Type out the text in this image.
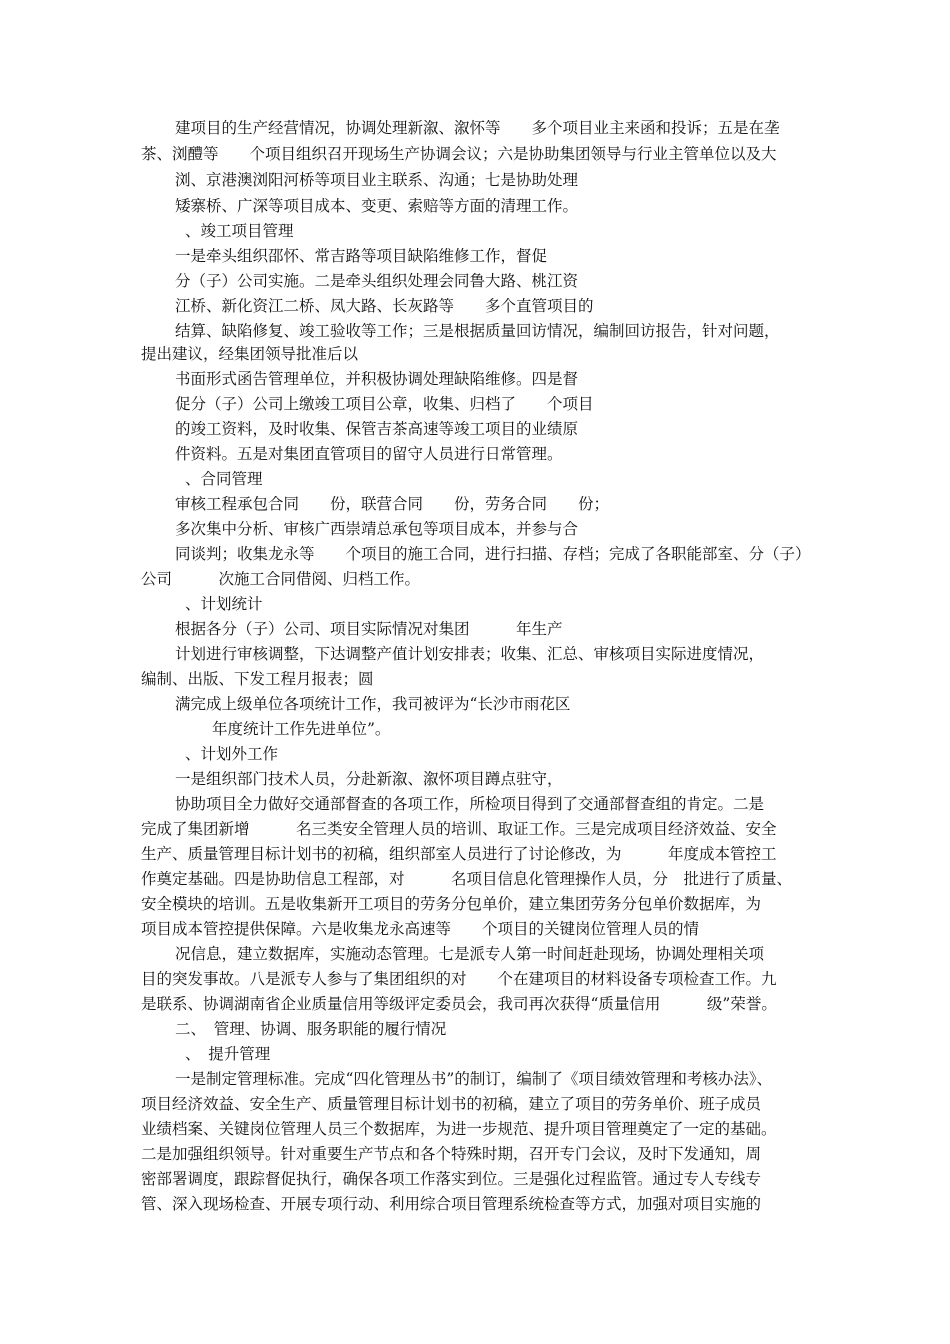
建项目的生产经营情况，协调处理新溆、溆怀等　　多个项目业主来函和投诉；五是在垄
茶、浏醴等　　个项目组织召开现场生产协调会议；六是协助集团领导与行业主管单位以及大
浏、京港澳浏阳河桥等项目业主联系、沟通；七是协助处理
矮寨桥、广深等项目成本、变更、索赔等方面的清理工作。
、竣工项目管理
一是牵头组织邵怀、常吉路等项目缺陷维修工作，督促
分（子）公司实施。二是牵头组织处理会同鲁大路、桃江资
江桥、新化资江二桥、凤大路、长灰路等　　多个直管项目的
结算、缺陷修复、竣工验收等工作；三是根据质量回访情况，编制回访报告，针对问题，
提出建议，经集团领导批准后以
书面形式函告管理单位，并积极协调处理缺陷维修。四是督
促分（子）公司上缴竣工项目公章，收集、归档了　　个项目
的竣工资料，及时收集、保管吉茶高速等竣工项目的业绩原
件资料。五是对集团直管项目的留守人员进行日常管理。
、合同管理
审核工程承包合同　　份，联营合同　　份，劳务合同　　份；
多次集中分析、审核广西崇靖总承包等项目成本，并参与合
同谈判；收集龙永等　　个项目的施工合同，进行扫描、存档；完成了各职能部室、分（子）
公司　　　次施工合同借阅、归档工作。
、计划统计
根据各分（子）公司、项目实际情况对集团　　　年生产
计划进行审核调整，下达调整产值计划安排表；收集、汇总、审核项目实际进度情况，
编制、出版、下发工程月报表；圆
满完成上级单位各项统计工作，我司被评为“长沙市雨花区
年度统计工作先进单位”。
、计划外工作
一是组织部门技术人员，分赴新溆、溆怀项目蹲点驻守，
协助项目全力做好交通部督查的各项工作，所检项目得到了交通部督查组的肯定。二是
完成了集团新增　　　名三类安全管理人员的培训、取证工作。三是完成项目经济效益、安全
生产、质量管理目标计划书的初稿，组织部室人员进行了讨论修改，为　　　年度成本管控工
作奠定基础。四是协助信息工程部，对　　　名项目信息化管理操作人员，分　批进行了质量、
安全模块的培训。五是收集新开工项目的劳务分包单价，建立集团劳务分包单价数据库，为
项目成本管控提供保障。六是收集龙永高速等　　个项目的关键岗位管理人员的情
况信息，建立数据库，实施动态管理。七是派专人第一时间赶赴现场，协调处理相关项
目的突发事故。八是派专人参与了集团组织的对　　个在建项目的材料设备专项检查工作。九
是联系、协调湖南省企业质量信用等级评定委员会，我司再次获得“质量信用　　　级”荣誉。
二、　管理、协调、服务职能的履行情况
、　提升管理
一是制定管理标准。完成“四化管理丛书”的制订，编制了《项目绩效管理和考核办法》、
项目经济效益、安全生产、质量管理目标计划书的初稿，建立了项目的劳务单价、班子成员
业绩档案、关键岗位管理人员三个数据库，为进一步规范、提升项目管理奠定了一定的基础。
二是加强组织领导。针对重要生产节点和各个特殊时期，召开专门会议，及时下发通知，周
密部署调度，跟踪督促执行，确保各项工作落实到位。三是强化过程监管。通过专人专线专
管、深入现场检查、开展专项行动、利用综合项目管理系统检查等方式，加强对项目实施的
